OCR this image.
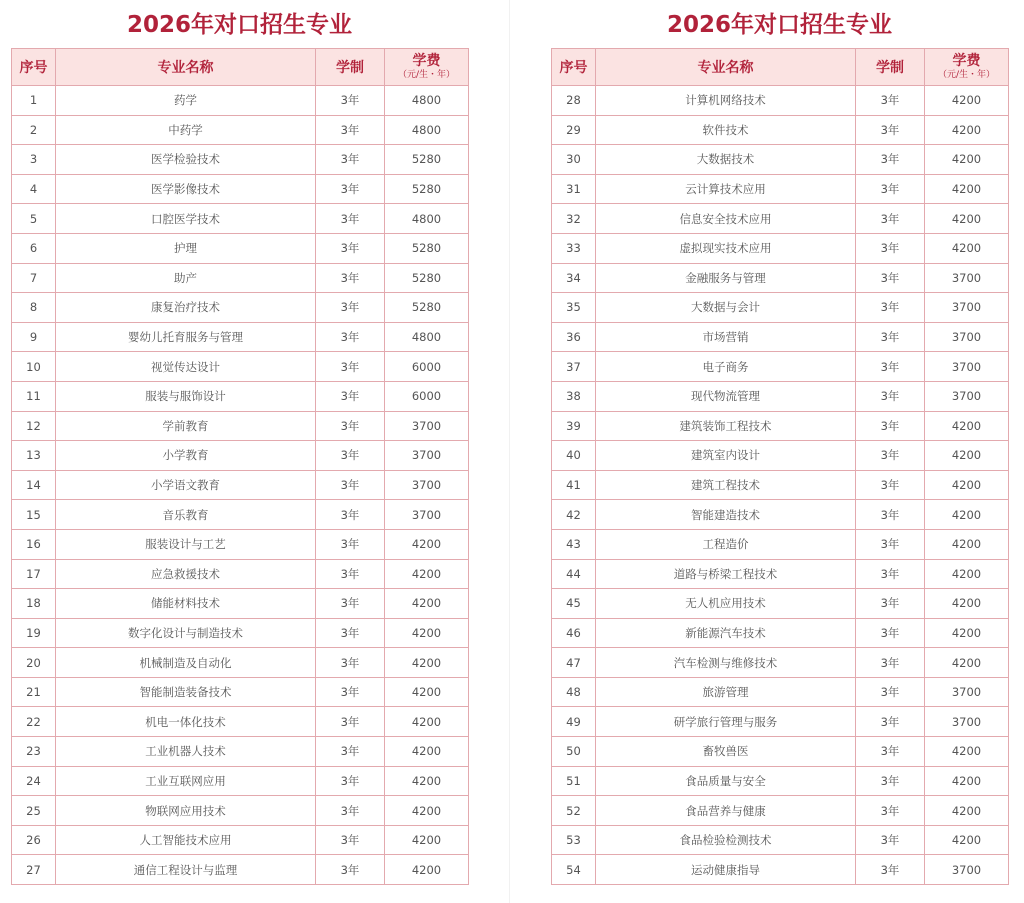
2026年对口招生专业
序号	专业名称	学制	学费
（元/生・年）

1	药学	3年	4800
2	中药学	3年	4800
3	医学检验技术	3年	5280
4	医学影像技术	3年	5280
5	口腔医学技术	3年	4800
6	护理	3年	5280
7	助产	3年	5280
8	康复治疗技术	3年	5280
9	婴幼儿托育服务与管理	3年	4800
10	视觉传达设计	3年	6000
11	服装与服饰设计	3年	6000
12	学前教育	3年	3700
13	小学教育	3年	3700
14	小学语文教育	3年	3700
15	音乐教育	3年	3700
16	服装设计与工艺	3年	4200
17	应急救援技术	3年	4200
18	储能材料技术	3年	4200
19	数字化设计与制造技术	3年	4200
20	机械制造及自动化	3年	4200
21	智能制造装备技术	3年	4200
22	机电一体化技术	3年	4200
23	工业机器人技术	3年	4200
24	工业互联网应用	3年	4200
25	物联网应用技术	3年	4200
26	人工智能技术应用	3年	4200
27	通信工程设计与监理	3年	4200
2026年对口招生专业
序号	专业名称	学制	学费
（元/生・年）

28	计算机网络技术	3年	4200
29	软件技术	3年	4200
30	大数据技术	3年	4200
31	云计算技术应用	3年	4200
32	信息安全技术应用	3年	4200
33	虚拟现实技术应用	3年	4200
34	金融服务与管理	3年	3700
35	大数据与会计	3年	3700
36	市场营销	3年	3700
37	电子商务	3年	3700
38	现代物流管理	3年	3700
39	建筑装饰工程技术	3年	4200
40	建筑室内设计	3年	4200
41	建筑工程技术	3年	4200
42	智能建造技术	3年	4200
43	工程造价	3年	4200
44	道路与桥梁工程技术	3年	4200
45	无人机应用技术	3年	4200
46	新能源汽车技术	3年	4200
47	汽车检测与维修技术	3年	4200
48	旅游管理	3年	3700
49	研学旅行管理与服务	3年	3700
50	畜牧兽医	3年	4200
51	食品质量与安全	3年	4200
52	食品营养与健康	3年	4200
53	食品检验检测技术	3年	4200
54	运动健康指导	3年	3700
